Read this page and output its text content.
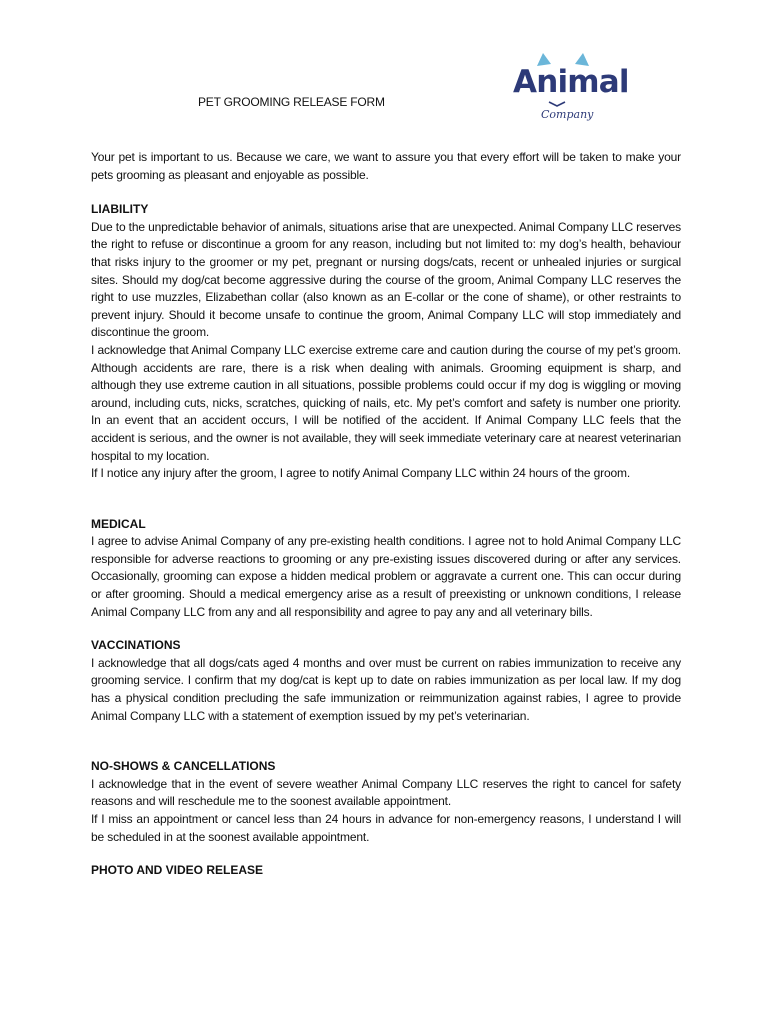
PET GROOMING RELEASE FORM
Animal
Company

Your pet is important to us. Because we care, we want to assure you that every effort will be taken to make your pets grooming as pleasant and enjoyable as possible.

LIABILITY

Due to the unpredictable behavior of animals, situations arise that are unexpected. Animal Company LLC reserves the right to refuse or discontinue a groom for any reason, including but not limited to: my dog’s health, behaviour that risks injury to the groomer or my pet, pregnant or nursing dogs/cats, recent or unhealed injuries or surgical sites. Should my dog/cat become aggressive during the course of the groom, Animal Company LLC reserves the right to use muzzles, Elizabethan collar (also known as an E-collar or the cone of shame), or other restraints to prevent injury. Should it become unsafe to continue the groom, Animal Company LLC will stop immediately and discontinue the groom.

I acknowledge that Animal Company LLC exercise extreme care and caution during the course of my pet’s groom. Although accidents are rare, there is a risk when dealing with animals. Grooming equipment is sharp, and although they use extreme caution in all situations, possible problems could occur if my dog is wiggling or moving around, including cuts, nicks, scratches, quicking of nails, etc. My pet’s comfort and safety is number one priority. In an event that an accident occurs, I will be notified of the accident. If Animal Company LLC feels that the accident is serious, and the owner is not available, they will seek immediate veterinary care at nearest veterinarian hospital to my location.

If I notice any injury after the groom, I agree to notify Animal Company LLC within 24 hours of the groom.

MEDICAL

I agree to advise Animal Company of any pre-existing health conditions. I agree not to hold Animal Company LLC responsible for adverse reactions to grooming or any pre-existing issues discovered during or after any services. Occasionally, grooming can expose a hidden medical problem or aggravate a current one. This can occur during or after grooming. Should a medical emergency arise as a result of preexisting or unknown conditions, I release Animal Company LLC from any and all responsibility and agree to pay any and all veterinary bills.

VACCINATIONS

I acknowledge that all dogs/cats aged 4 months and over must be current on rabies immunization to receive any grooming service. I confirm that my dog/cat is kept up to date on rabies immunization as per local law. If my dog has a physical condition precluding the safe immunization or reimmunization against rabies, I agree to provide Animal Company LLC with a statement of exemption issued by my pet’s veterinarian.

NO-SHOWS & CANCELLATIONS

I acknowledge that in the event of severe weather Animal Company LLC reserves the right to cancel for safety reasons and will reschedule me to the soonest available appointment.

If I miss an appointment or cancel less than 24 hours in advance for non-emergency reasons, I understand I will be scheduled in at the soonest available appointment.

PHOTO AND VIDEO RELEASE
